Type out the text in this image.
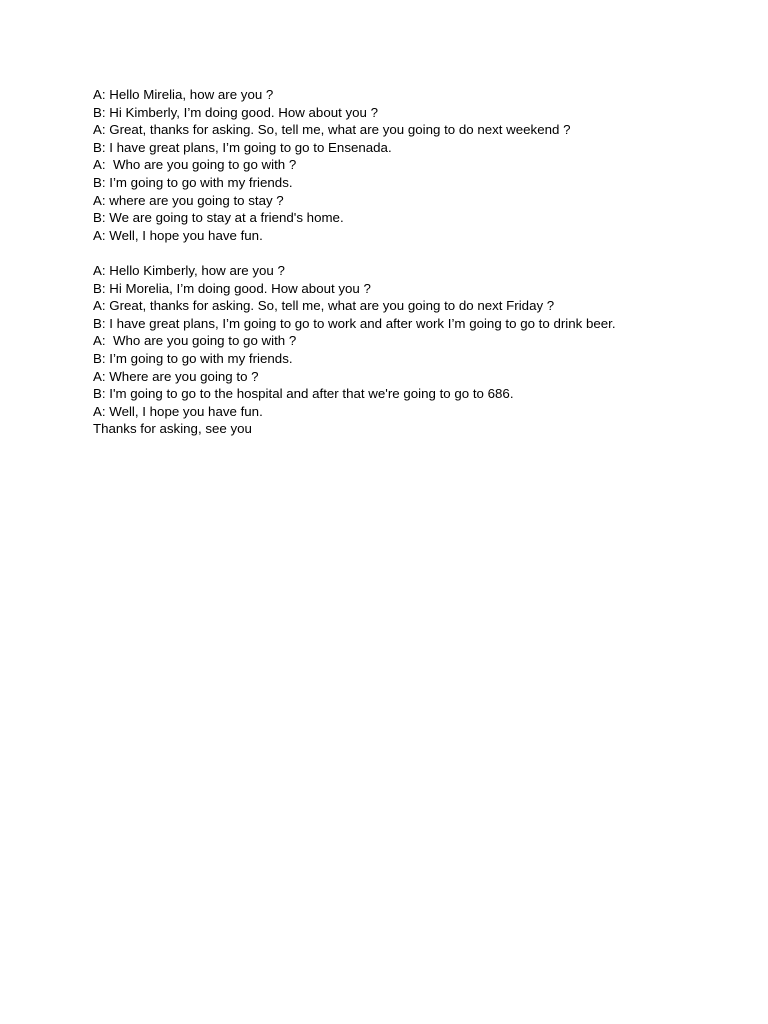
A: Hello Mirelia, how are you ?
B: Hi Kimberly, I’m doing good. How about you ?
A: Great, thanks for asking. So, tell me, what are you going to do next weekend ?
B: I have great plans, I’m going to go to Ensenada.
A:  Who are you going to go with ?
B: I’m going to go with my friends.
A: where are you going to stay ?
B: We are going to stay at a friend's home.
A: Well, I hope you have fun.
A: Hello Kimberly, how are you ?
B: Hi Morelia, I’m doing good. How about you ?
A: Great, thanks for asking. So, tell me, what are you going to do next Friday ?
B: I have great plans, I’m going to go to work and after work I’m going to go to drink beer.
A:  Who are you going to go with ?
B: I’m going to go with my friends.
A: Where are you going to ?
B: I'm going to go to the hospital and after that we're going to go to 686.
A: Well, I hope you have fun.
Thanks for asking, see you
